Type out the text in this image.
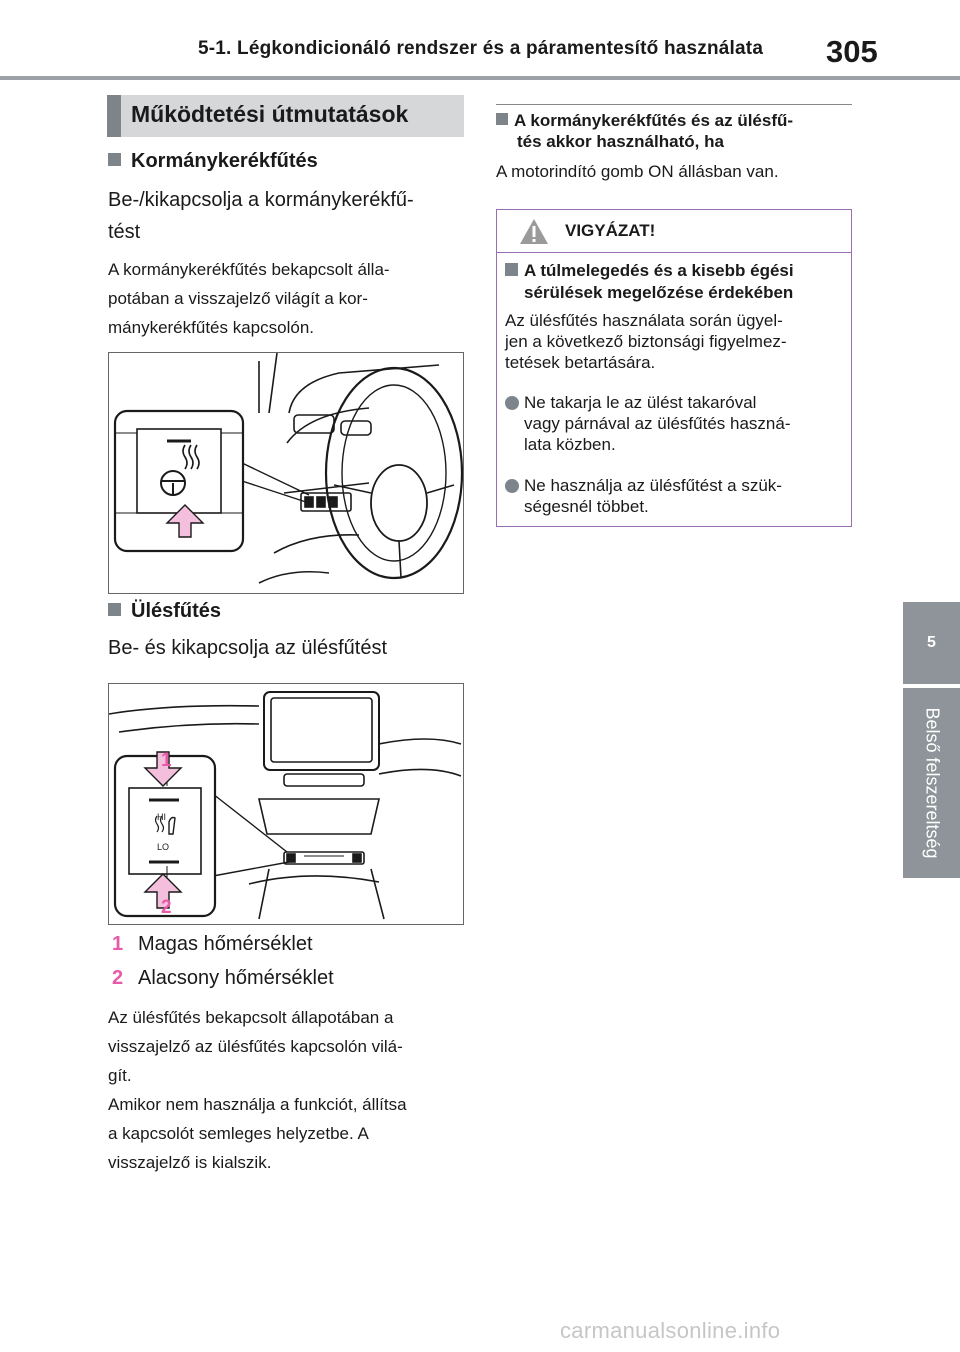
5-1. Légkondicionáló rendszer és a páramentesítő használata 305
5
Belső felszereltség
Működtetési útmutatások
Kormánykerékfűtés
Be-/kikapcsolja a kormánykerékfű-
tést
A kormánykerékfűtés bekapcsolt álla-
potában a visszajelző világít a kor-
mánykerékfűtés kapcsolón.
Ülésfűtés
Be- és kikapcsolja az ülésfűtést
1
2
HI
LO
1 Magas hőmérséklet
2 Alacsony hőmérséklet
Az ülésfűtés bekapcsolt állapotában a
visszajelző az ülésfűtés kapcsolón vilá-
gít.
Amikor nem használja a funkciót, állítsa
a kapcsolót semleges helyzetbe. A
visszajelző is kialszik.
A kormánykerékfűtés és az ülésfű-
tés akkor használható, ha
A motorindító gomb ON állásban van.
VIGYÁZAT!
A túlmelegedés és a kisebb égési
sérülések megelőzése érdekében
Az ülésfűtés használata során ügyel-
jen a következő biztonsági figyelmez-
tetések betartására.
Ne takarja le az ülést takaróval
vagy párnával az ülésfűtés haszná-
lata közben.
Ne használja az ülésfűtést a szük-
ségesnél többet.
carmanualsonline.info
